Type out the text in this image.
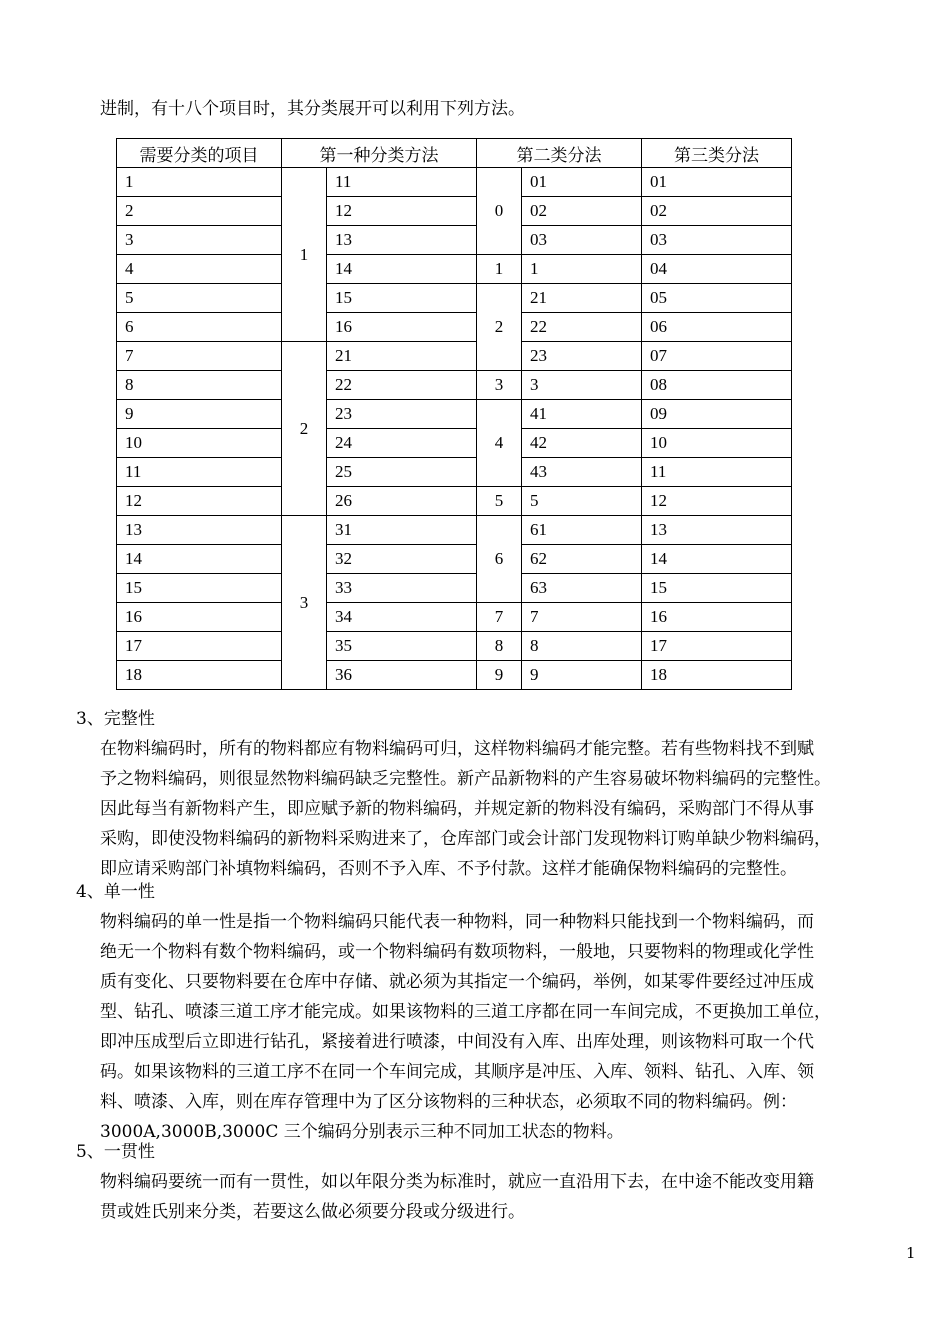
进制，有十八个项目时，其分类展开可以利用下列方法。
需要分类的项目	第一种分类方法		第二类分法		第三类分法
1	1	11	0	01	01
2		12		02	02
3		13		03	03
4		14	1	1	04
5		15	2	21	05
6		16		22	06
7	2	21		23	07
8		22	3	3	08
9		23	4	41	09
10		24		42	10
11		25		43	11
12		26	5	5	12
13	3	31	6	61	13
14		32		62	14
15		33		63	15
16		34	7	7	16
17		35	8	8	17
18		36	9	9	18
3、完整性
在物料编码时，所有的物料都应有物料编码可归，这样物料编码才能完整。若有些物料找不到赋
予之物料编码，则很显然物料编码缺乏完整性。新产品新物料的产生容易破坏物料编码的完整性。
因此每当有新物料产生，即应赋予新的物料编码，并规定新的物料没有编码，采购部门不得从事
采购，即使没物料编码的新物料采购进来了，仓库部门或会计部门发现物料订购单缺少物料编码，
即应请采购部门补填物料编码，否则不予入库、不予付款。这样才能确保物料编码的完整性。
4、单一性
物料编码的单一性是指一个物料编码只能代表一种物料，同一种物料只能找到一个物料编码，而
绝无一个物料有数个物料编码，或一个物料编码有数项物料，一般地，只要物料的物理或化学性
质有变化、只要物料要在仓库中存储、就必须为其指定一个编码，举例，如某零件要经过冲压成
型、钻孔、喷漆三道工序才能完成。如果该物料的三道工序都在同一车间完成，不更换加工单位，
即冲压成型后立即进行钻孔，紧接着进行喷漆，中间没有入库、出库处理，则该物料可取一个代
码。如果该物料的三道工序不在同一个车间完成，其顺序是冲压、入库、领料、钻孔、入库、领
料、喷漆、入库，则在库存管理中为了区分该物料的三种状态，必须取不同的物料编码。例：
3000A,3000B,3000C 三个编码分别表示三种不同加工状态的物料。
5、一贯性
物料编码要统一而有一贯性，如以年限分类为标准时，就应一直沿用下去，在中途不能改变用籍
贯或姓氏别来分类，若要这么做必须要分段或分级进行。
1
